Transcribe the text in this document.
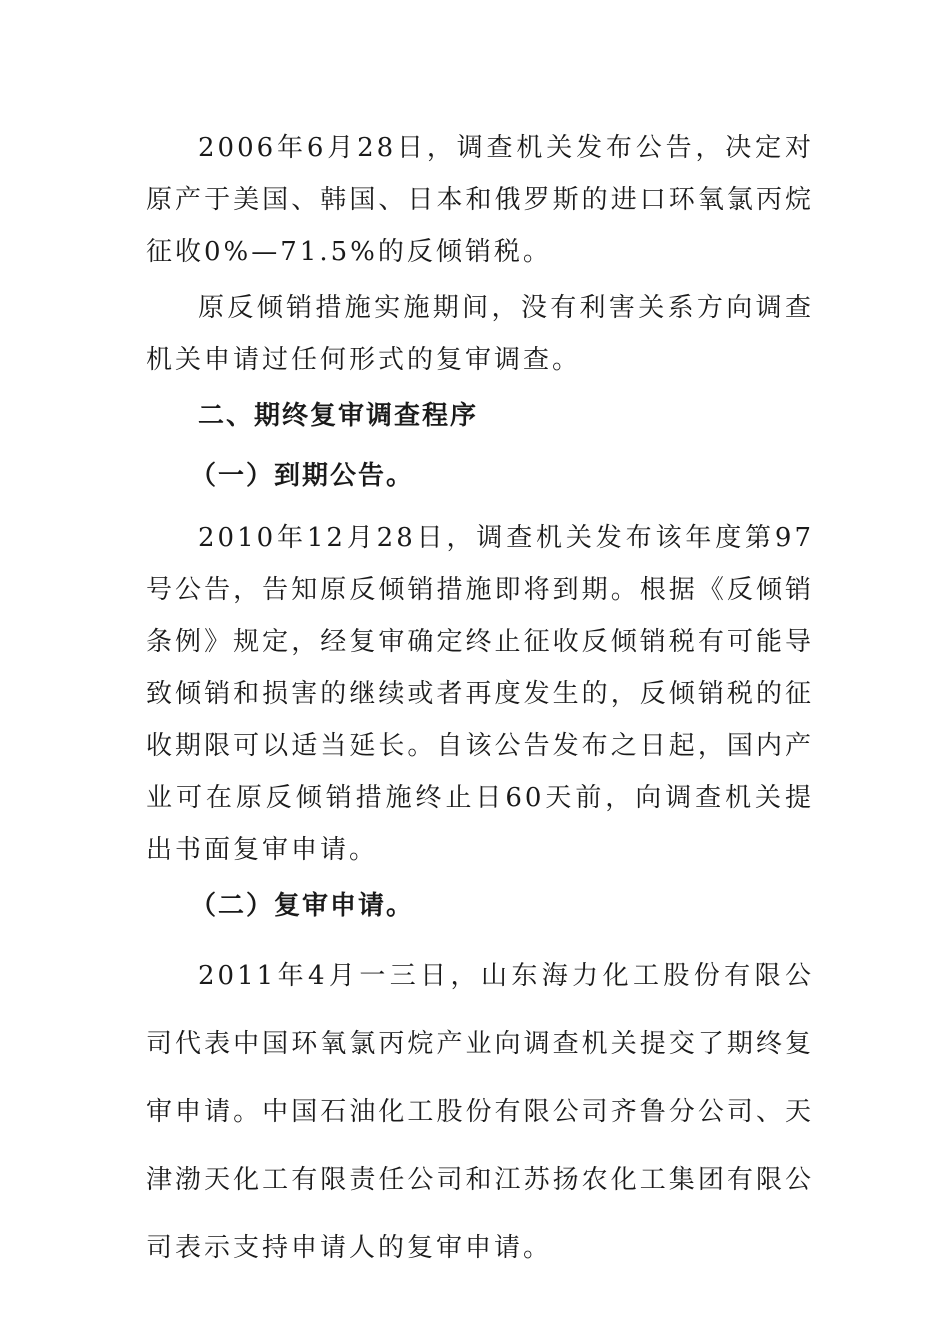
2006年6月28日，调查机关发布公告，决定对原产于美国、韩国、日本和俄罗斯的进口环氧氯丙烷征收0%—71.5%的反倾销税。

原反倾销措施实施期间，没有利害关系方向调查机关申请过任何形式的复审调查。

二、期终复审调查程序
（一）到期公告。

2010年12月28日，调查机关发布该年度第97号公告，告知原反倾销措施即将到期。根据《反倾销条例》规定，经复审确定终止征收反倾销税有可能导致倾销和损害的继续或者再度发生的，反倾销税的征收期限可以适当延长。自该公告发布之日起，国内产业可在原反倾销措施终止日60天前，向调查机关提出书面复审申请。

（二）复审申请。

2011年4月一三日，山东海力化工股份有限公司代表中国环氧氯丙烷产业向调查机关提交了期终复审申请。中国石油化工股份有限公司齐鲁分公司、天津渤天化工有限责任公司和江苏扬农化工集团有限公司表示支持申请人的复审申请。
